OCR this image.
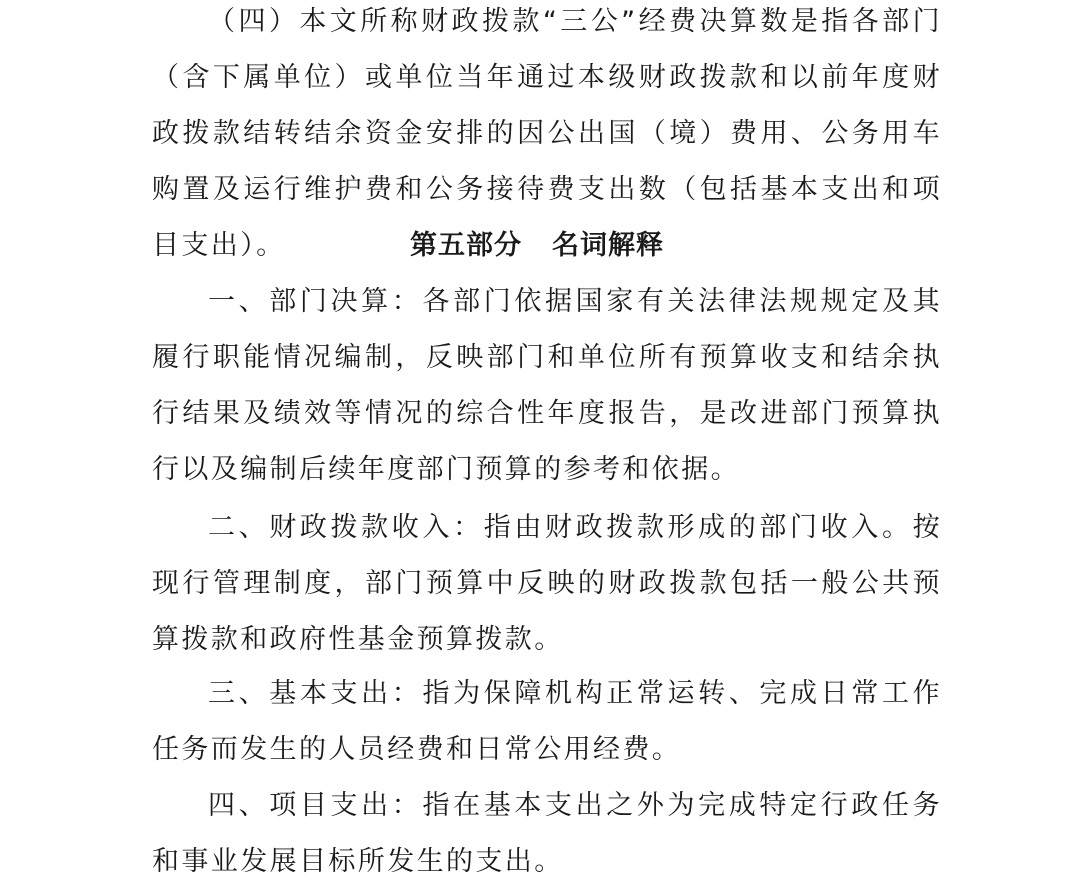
（四）本文所称财政拨款“三公”经费决算数是指各部门（含下属单位）或单位当年通过本级财政拨款和以前年度财政拨款结转结余资金安排的因公出国（境）费用、公务用车购置及运行维护费和公务接待费支出数（包括基本支出和项目支出）。	第五部分 名词解释
一、部门决算：各部门依据国家有关法律法规规定及其履行职能情况编制，反映部门和单位所有预算收支和结余执行结果及绩效等情况的综合性年度报告，是改进部门预算执行以及编制后续年度部门预算的参考和依据。
二、财政拨款收入：指由财政拨款形成的部门收入。按现行管理制度，部门预算中反映的财政拨款包括一般公共预算拨款和政府性基金预算拨款。
三、基本支出：指为保障机构正常运转、完成日常工作任务而发生的人员经费和日常公用经费。
四、项目支出：指在基本支出之外为完成特定行政任务和事业发展目标所发生的支出。
